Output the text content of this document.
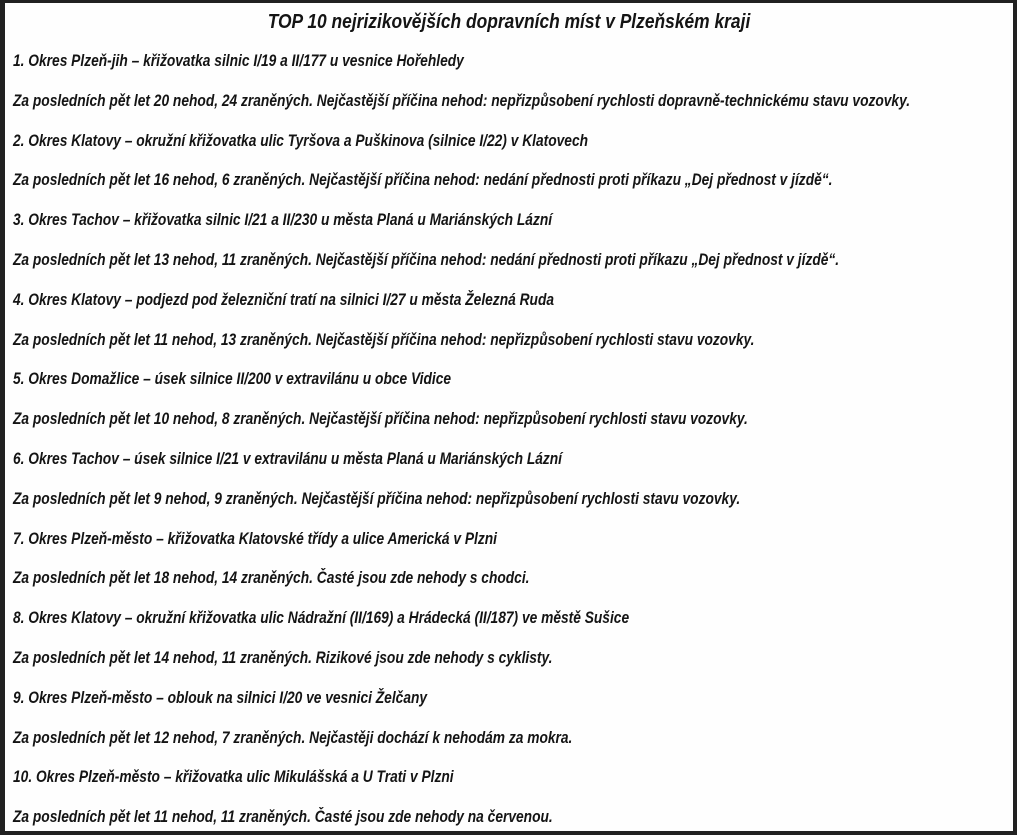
TOP 10 nejrizikovějších dopravních míst v Plzeňském kraji

1. Okres Plzeň-jih – křižovatka silnic I/19 a II/177 u vesnice Hořehledy

Za posledních pět let 20 nehod, 24 zraněných. Nejčastější příčina nehod: nepřizpůsobení rychlosti dopravně-technickému stavu vozovky.

2. Okres Klatovy – okružní křižovatka ulic Tyršova a Puškinova (silnice I/22) v Klatovech

Za posledních pět let 16 nehod, 6 zraněných. Nejčastější příčina nehod: nedání přednosti proti příkazu „Dej přednost v jízdě“.

3. Okres Tachov – křižovatka silnic I/21 a II/230 u města Planá u Mariánských Lázní

Za posledních pět let 13 nehod, 11 zraněných. Nejčastější příčina nehod: nedání přednosti proti příkazu „Dej přednost v jízdě“.

4. Okres Klatovy – podjezd pod železniční tratí na silnici I/27 u města Železná Ruda

Za posledních pět let 11 nehod, 13 zraněných. Nejčastější příčina nehod: nepřizpůsobení rychlosti stavu vozovky.

5. Okres Domažlice – úsek silnice II/200 v extravilánu u obce Vidice

Za posledních pět let 10 nehod, 8 zraněných. Nejčastější příčina nehod: nepřizpůsobení rychlosti stavu vozovky.

6. Okres Tachov – úsek silnice I/21 v extravilánu u města Planá u Mariánských Lázní

Za posledních pět let 9 nehod, 9 zraněných. Nejčastější příčina nehod: nepřizpůsobení rychlosti stavu vozovky.

7. Okres Plzeň-město – křižovatka Klatovské třídy a ulice Americká v Plzni

Za posledních pět let 18 nehod, 14 zraněných. Časté jsou zde nehody s chodci.

8. Okres Klatovy – okružní křižovatka ulic Nádražní (II/169) a Hrádecká (II/187) ve městě Sušice

Za posledních pět let 14 nehod, 11 zraněných. Rizikové jsou zde nehody s cyklisty.

9. Okres Plzeň-město – oblouk na silnici I/20 ve vesnici Želčany

Za posledních pět let 12 nehod, 7 zraněných. Nejčastěji dochází k nehodám za mokra.

10. Okres Plzeň-město – křižovatka ulic Mikulášská a U Trati v Plzni

Za posledních pět let 11 nehod, 11 zraněných. Časté jsou zde nehody na červenou.
